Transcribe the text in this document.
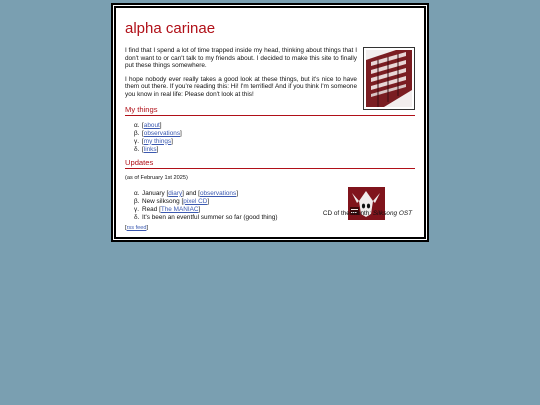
alpha carinae

I find that I spend a lot of time trapped inside my head, thinking about things that I don't want to or can't talk to my friends about. I decided to make this site to finally put these things somewhere.

I hope nobody ever really takes a good look at these things, but it's nice to have them out there. If you're reading this: Hi! I'm terrified! And if you think I'm someone you know in real life: Please don't look at this!

My things
α. [about]
β. [observations]
γ. [my things]
δ. [links]
Updates
(as of February 1st 2025)
α. January [diary] and [observations]
β. New silksong [pixel CD]
γ. Read [The MANIAC]
δ. It's been an eventful summer so far (good thing)
CD of the month: Silksong OST
[rss feed]
